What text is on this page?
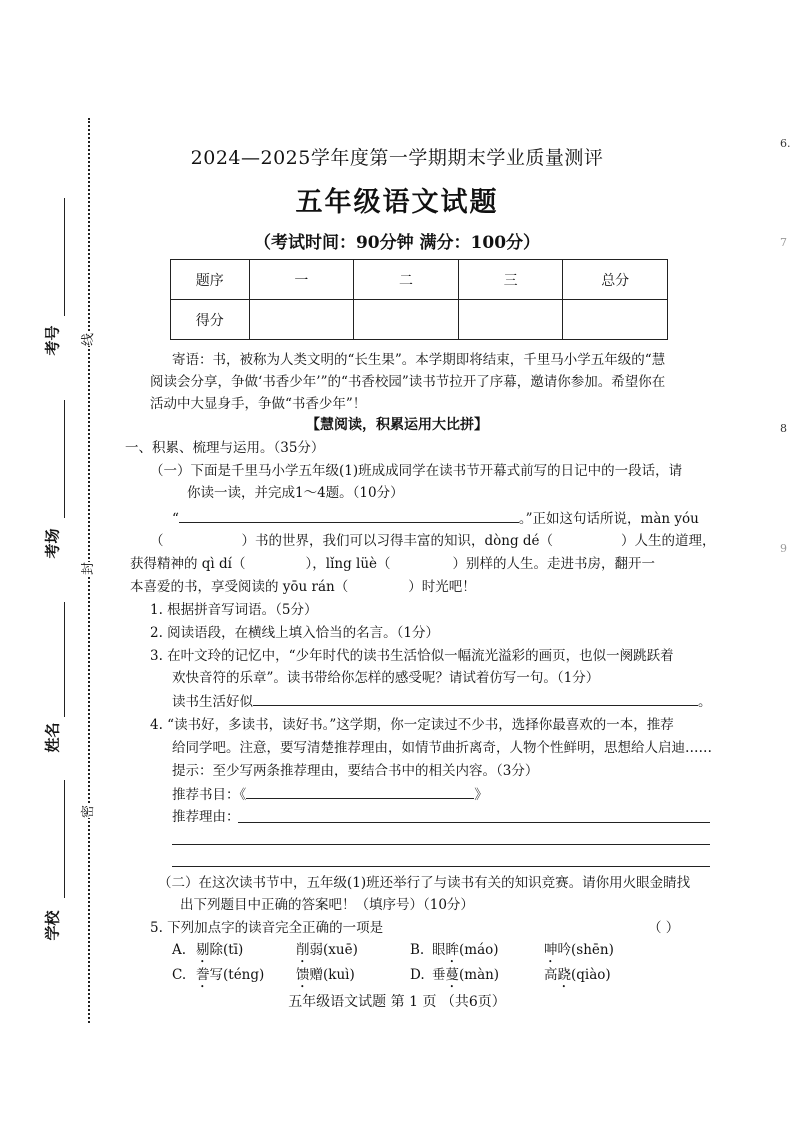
考号
考场
姓名
学校
线
封
密
6.
7
8
9
2024—2025学年度第一学期期末学业质量测评
五年级语文试题
（考试时间：90分钟 满分：100分）
题序	一	二	三	总分
得分				
寄语：书，被称为人类文明的“长生果”。本学期即将结束，千里马小学五年级的“慧
阅读会分享，争做‘书香少年’”的“书香校园”读书节拉开了序幕，邀请你参加。希望你在
活动中大显身手，争做“书香少年”！
【慧阅读，积累运用大比拼】
一、积累、梳理与运用。（35分）
（一）下面是千里马小学五年级(1)班成成同学在读书节开幕式前写的日记中的一段话，请
你读一读，并完成1～4题。（10分）
“	。”正如这句话所说，màn yóu
（	）书的世界，我们可以习得丰富的知识，dòng dé（	）人生的道理，
获得精神的 qì dí（	），lǐng lüè（	）别样的人生。走进书房，翻开一
本喜爱的书，享受阅读的 yōu rán（	）时光吧！
1. 根据拼音写词语。（5分）
2. 阅读语段，在横线上填入恰当的名言。（1分）
3. 在叶文玲的记忆中，“少年时代的读书生活恰似一幅流光溢彩的画页，也似一阕跳跃着
欢快音符的乐章”。读书带给你怎样的感受呢？请试着仿写一句。（1分）
读书生活好似	。
4. “读书好，多读书，读好书。”这学期，你一定读过不少书，选择你最喜欢的一本，推荐
给同学吧。注意，要写清楚推荐理由，如情节曲折离奇，人物个性鲜明，思想给人启迪……
提示：至少写两条推荐理由，要结合书中的相关内容。（3分）
推荐书目：《	》
推荐理由：
（二）在这次读书节中，五年级(1)班还举行了与读书有关的知识竞赛。请你用火眼金睛找
出下列题目中正确的答案吧！（填序号）（10分）
5. 下列加点字的读音完全正确的一项是	（ ）
A. 剔除(tī)	削弱(xuē)	B. 眼眸(máo)	呻吟(shēn)
C. 誊写(téng) 馈赠(kuì)	D. 垂蔓(màn)	高跷(qiào)
五年级语文试题 第 1 页 （共6页）
